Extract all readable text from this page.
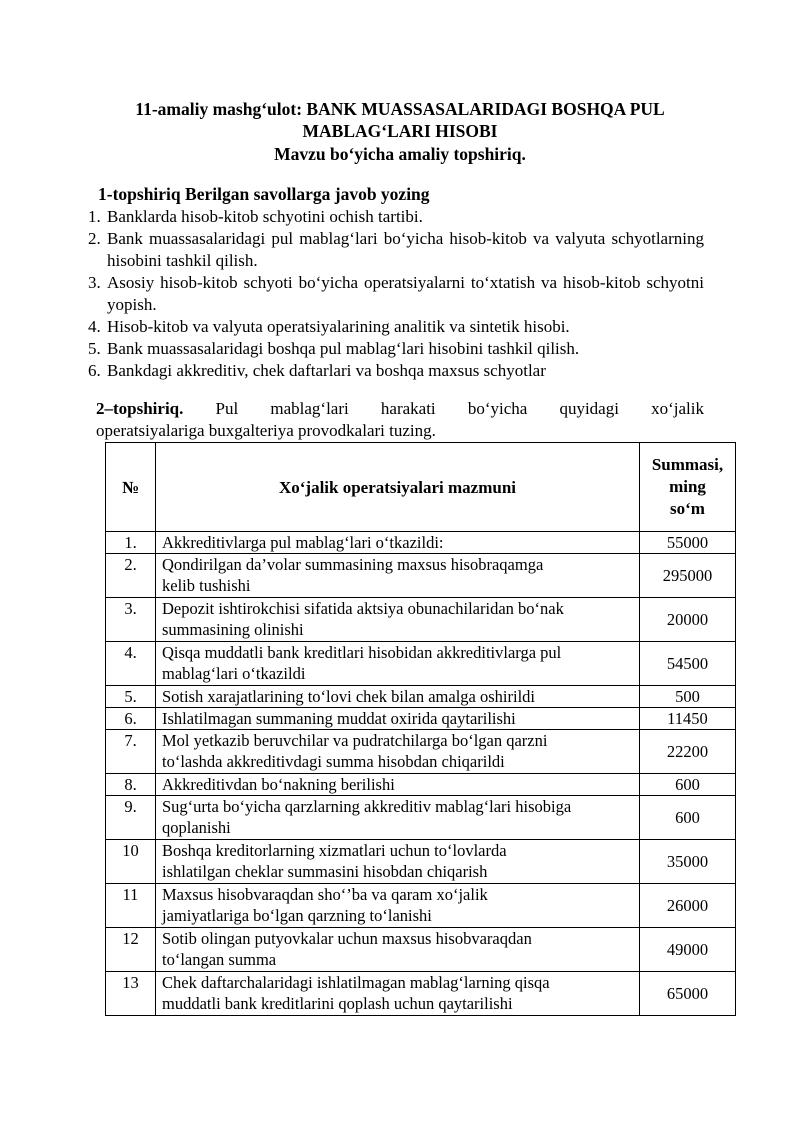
11-amaliy mashg‘ulot: BANK MUASSASALARIDAGI BOSHQA PUL
MABLAG‘LARI HISOBI
Mavzu bo‘yicha amaliy topshiriq.
1-topshiriq Berilgan savollarga javob yozing
1. Banklarda hisob-kitob schyotini ochish tartibi.
2. Bank muassasalaridagi pul mablag‘lari bo‘yicha hisob-kitob va valyuta schyotlarning hisobini tashkil qilish.
3. Asosiy hisob-kitob schyoti bo‘yicha operatsiyalarni to‘xtatish va hisob-kitob schyotni yopish.
4. Hisob-kitob va valyuta operatsiyalarining analitik va sintetik hisobi.
5. Bank muassasalaridagi boshqa pul mablag‘lari hisobini tashkil qilish.
6. Bankdagi akkreditiv, chek daftarlari va boshqa maxsus schyotlar
2–topshiriq. Pul mablag‘lari harakati bo‘yicha quyidagi xo‘jalik
operatsiyalariga buxgalteriya provodkalari tuzing.
№	Xo‘jalik operatsiyalari mazmuni	Summasi,
ming
so‘m

1.	Akkreditivlarga pul mablag‘lari o‘tkazildi:	55000
2.	Qondirilgan da’volar summasining maxsus hisobraqamga
kelib tushishi	295000
3.	Depozit ishtirokchisi sifatida aktsiya obunachilaridan bo‘nak
summasining olinishi	20000
4.	Qisqa muddatli bank kreditlari hisobidan akkreditivlarga pul
mablag‘lari o‘tkazildi	54500
5.	Sotish xarajatlarining to‘lovi chek bilan amalga oshirildi	500
6.	Ishlatilmagan summaning muddat oxirida qaytarilishi	11450
7.	Mol yetkazib beruvchilar va pudratchilarga bo‘lgan qarzni
to‘lashda akkreditivdagi summa hisobdan chiqarildi	22200
8.	Akkreditivdan bo‘nakning berilishi	600
9.	Sug‘urta bo‘yicha qarzlarning akkreditiv mablag‘lari hisobiga
qoplanishi	600
10	Boshqa kreditorlarning xizmatlari uchun to‘lovlarda
ishlatilgan cheklar summasini hisobdan chiqarish	35000
11	Maxsus hisobvaraqdan sho‘’ba va qaram xo‘jalik
jamiyatlariga bo‘lgan qarzning to‘lanishi	26000
12	Sotib olingan putyovkalar uchun maxsus hisobvaraqdan
to‘langan summa	49000
13	Chek daftarchalaridagi ishlatilmagan mablag‘larning qisqa
muddatli bank kreditlarini qoplash uchun qaytarilishi	65000
